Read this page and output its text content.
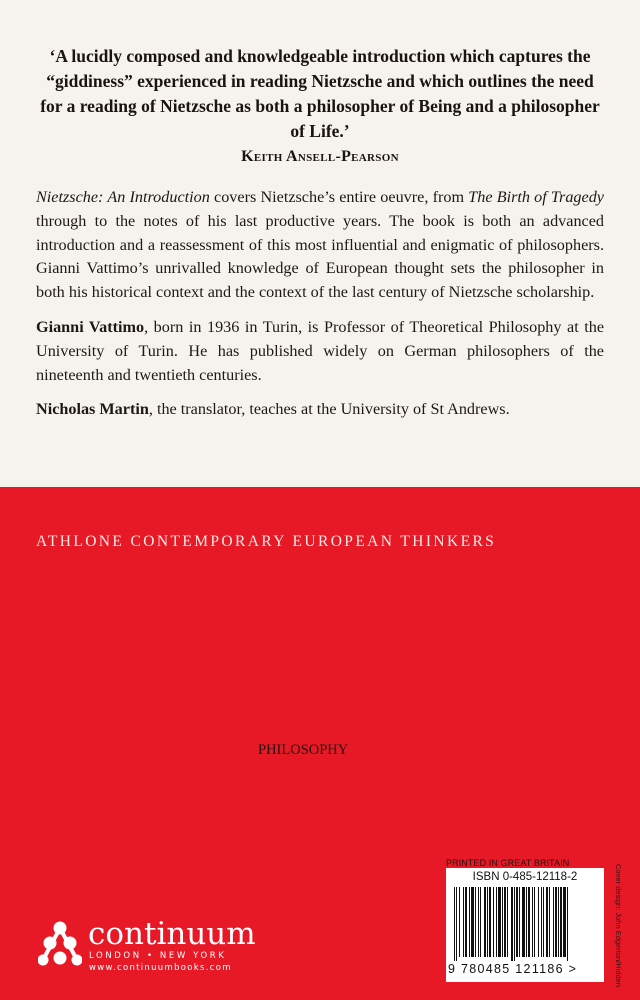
‘A lucidly composed and knowledgeable introduction which captures the “giddiness” experienced in reading Nietzsche and which outlines the need for a reading of Nietzsche as both a philosopher of Being and a philosopher of Life.’
Keith Ansell-Pearson

Nietzsche: An Introduction covers Nietzsche’s entire oeuvre, from The Birth of Tragedy through to the notes of his last productive years. The book is both an advanced introduction and a reassessment of this most influential and enigmatic of philosophers. Gianni Vattimo’s unrivalled knowledge of European thought sets the philosopher in both his historical context and the context of the last century of Nietzsche scholarship.

Gianni Vattimo, born in 1936 in Turin, is Professor of Theoretical Philosophy at the University of Turin. He has published widely on German philosophers of the nineteenth and twentieth centuries.

Nicholas Martin, the translator, teaches at the University of St Andrews.

ATHLONE CONTEMPORARY EUROPEAN THINKERS
PHILOSOPHY
continuum
LONDON • NEW YORK
www.continuumbooks.com
PRINTED IN GREAT BRITAIN
ISBN 0-485-12118-2
9 780485 121186 >	Cover design: John Edgerton/Hidden
